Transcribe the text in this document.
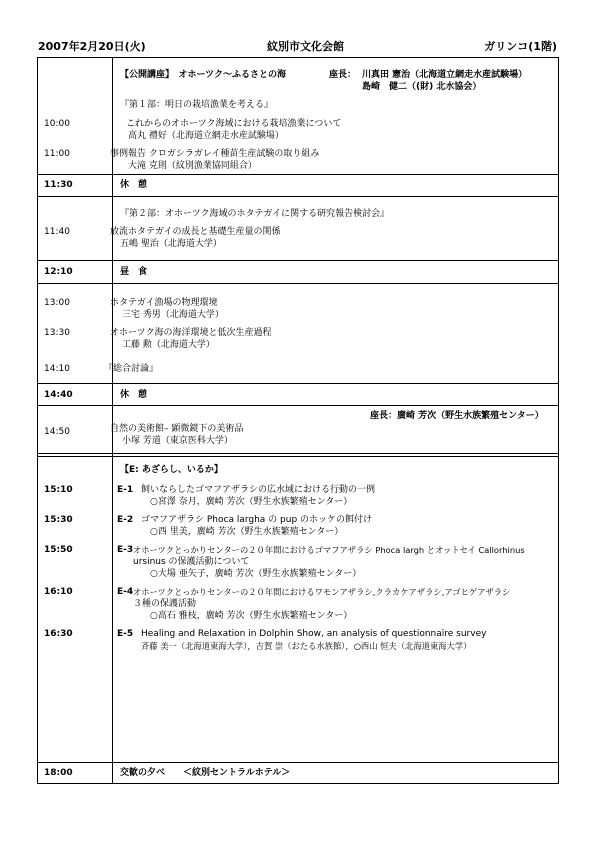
2007年2月20日(火)	紋別市文化会館	ガリンコ(1階)
【公開講座】　オホーツク～ふるさとの海	座長： 川真田 憲治（北海道立網走水産試験場）
島崎　健二（(財) 北水協会）
『第１部：明日の栽培漁業を考える』
10:00	これからのオホーツク海域における栽培漁業について
高丸 禮好（北海道立網走水産試験場）
11:00	事例報告 クロガシラガレイ種苗生産試験の取り組み
大滝 克則（紋別漁業協同組合）
11:30	休　憩
『第２部：オホーツク海域のホタテガイに関する研究報告検討会』
11:40	放流ホタテガイの成長と基礎生産量の関係
五嶋 聖治（北海道大学）
12:10	昼　食
13:00	ホタテガイ漁場の物理環境
三宅 秀男（北海道大学）
13:30	オホーツク海の海洋環境と低次生産過程
工藤 勲（北海道大学）
14:10	『総合討論』
14:40	休　憩
座長：廣崎 芳次（野生水族繁殖センター）
14:50	自然の美術館– 顕微鏡下の美術品
小塚 芳道（東京医科大学）
【E: あざらし、いるか】
15:10	E-1 飼いならしたゴマフアザラシの広水域における行動の一例
○宮澤 奈月，廣崎 芳次（野生水族繁殖センター）
15:30	E-2 ゴマフアザラシ Phoca largha の pup のホッケの餌付け
○西 里美，廣崎 芳次（野生水族繁殖センター）
15:50	E-3 オホーツクとっかりセンターの２０年間におけるゴマフアザラシ Phoca largh とオットセイ Callorhinus
ursinus の保護活動について
○大場 亜矢子，廣崎 芳次（野生水族繁殖センター）
16:10	E-4 オホーツクとっかりセンターの２０年間におけるワモンアザラシ,クラカケアザラシ,アゴヒゲアザラシ
３種の保護活動
○高石 雅枝，廣崎 芳次（野生水族繁殖センター）
16:30	E-5 Healing and Relaxation in Dolphin Show, an analysis of questionnaire survey
斉藤 美一（北海道東海大学），吉賀 崇（おたる水族館），○西山 恒夫（北海道東海大学）
18:00	交歓の夕べ　　＜紋別セントラルホテル＞
